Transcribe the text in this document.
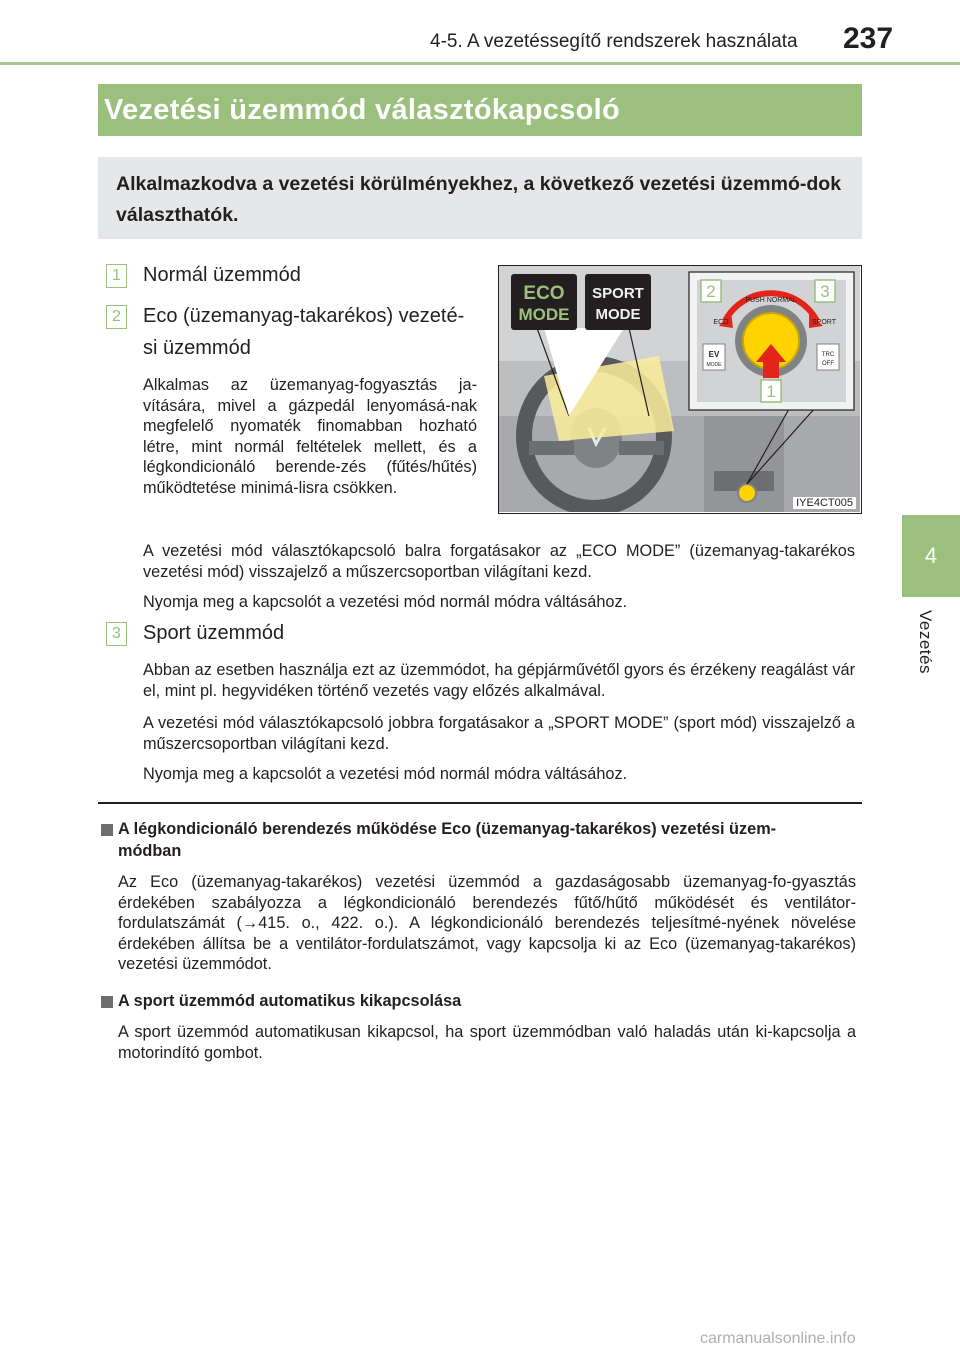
4-5. A vezetéssegítő rendszerek használata 237
4
Vezetés
Vezetési üzemmód választókapcsoló
Alkalmazkodva a vezetési körülményekhez, a következő vezetési üzemmó-dok választhatók.
1	Normál üzemmód
2	Eco (üzemanyag-takarékos) vezeté-
si üzemmód
Alkalmas az üzemanyag-fogyasztás ja-vítására, mivel a gázpedál lenyomásá-nak megfelelő nyomaték finomabban hozható létre, mint normál feltételek mellett, és a légkondicionáló berende-zés (fűtés/hűtés) működtetése minimá-lisra csökken.
A vezetési mód választókapcsoló balra forgatásakor az „ECO MODE” (üzemanyag-takarékos vezetési mód) visszajelző a műszercsoportban világítani kezd.
Nyomja meg a kapcsolót a vezetési mód normál módra váltásához.
3	Sport üzemmód
Abban az esetben használja ezt az üzemmódot, ha gépjárművétől gyors és érzékeny reagálást vár el, mint pl. hegyvidéken történő vezetés vagy előzés alkalmával.
A vezetési mód választókapcsoló jobbra forgatásakor a „SPORT MODE” (sport mód) visszajelző a műszercsoportban világítani kezd.
Nyomja meg a kapcsolót a vezetési mód normál módra váltásához.
ECO
MODE
SPORT
MODE
PUSH NORMAL
ECO	SPORT
EV
MODE
TRC
OFF
2	3
1
IYE4CT005
A légkondicionáló berendezés működése Eco (üzemanyag-takarékos) vezetési üzem-
módban
Az Eco (üzemanyag-takarékos) vezetési üzemmód a gazdaságosabb üzemanyag-fo-gyasztás érdekében szabályozza a légkondicionáló berendezés fűtő/hűtő működését és ventilátor-fordulatszámát (→415. o., 422. o.). A légkondicionáló berendezés teljesítmé-nyének növelése érdekében állítsa be a ventilátor-fordulatszámot, vagy kapcsolja ki az Eco (üzemanyag-takarékos) vezetési üzemmódot.
A sport üzemmód automatikus kikapcsolása
A sport üzemmód automatikusan kikapcsol, ha sport üzemmódban való haladás után ki-kapcsolja a motorindító gombot.
carmanualsonline.info
